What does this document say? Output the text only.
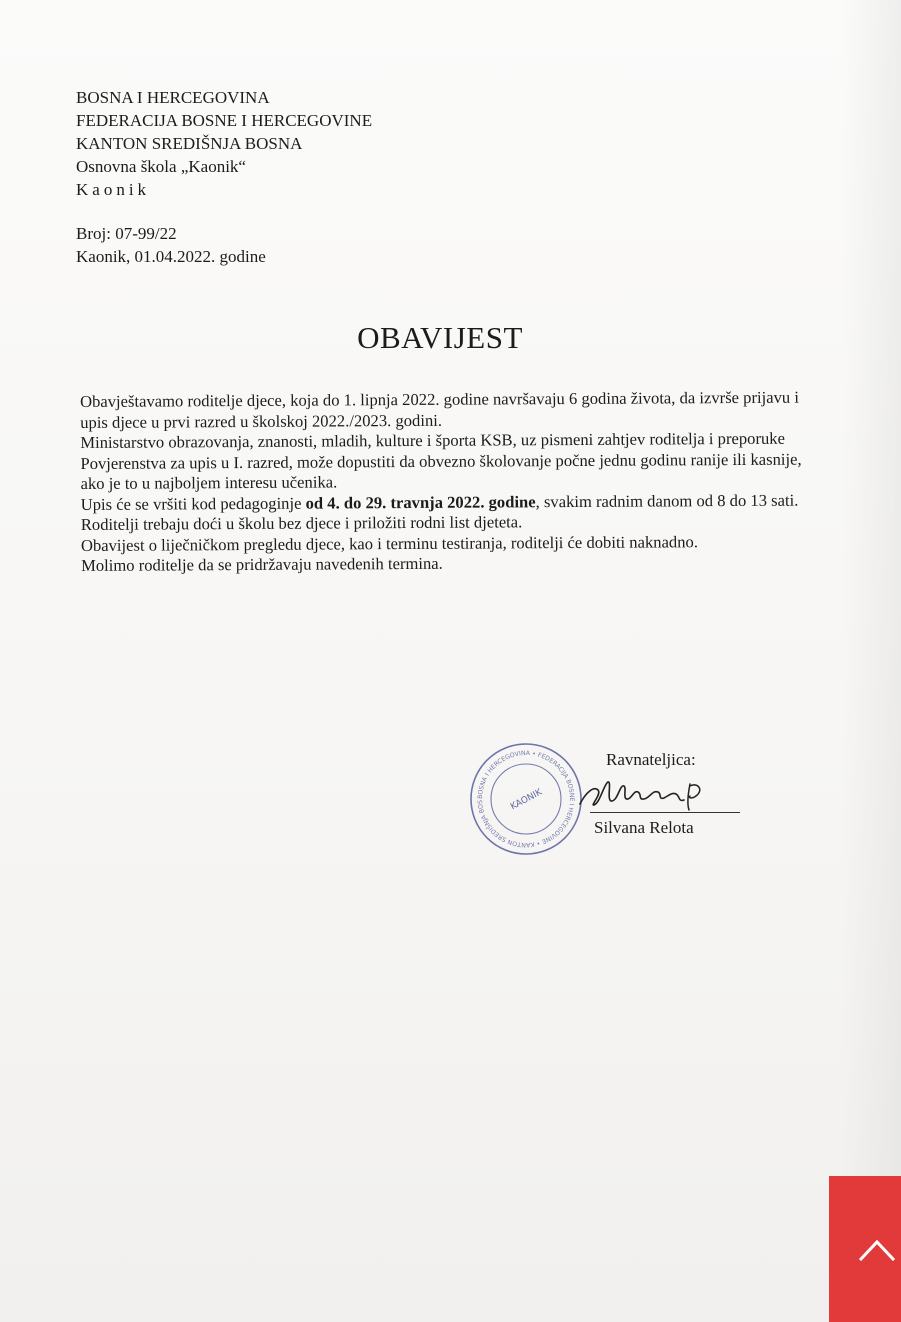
BOSNA I HERCEGOVINA
FEDERACIJA BOSNE I HERCEGOVINE
KANTON SREDIŠNJA BOSNA
Osnovna škola „Kaonik“
Kaonik
Broj: 07-99/22
Kaonik, 01.04.2022. godine
OBAVIJEST

Obavještavamo roditelje djece, koja do 1. lipnja 2022. godine navršavaju 6 godina života, da izvrše prijavu i upis djece u prvi razred u školskoj 2022./2023. godini.

Ministarstvo obrazovanja, znanosti, mladih, kulture i športa KSB, uz pismeni zahtjev roditelja i preporuke Povjerenstva za upis u I. razred, može dopustiti da obvezno školovanje počne jednu godinu ranije ili kasnije, ako je to u najboljem interesu učenika.

Upis će se vršiti kod pedagoginje od 4. do 29. travnja 2022. godine, svakim radnim danom od 8 do 13 sati.

Roditelji trebaju doći u školu bez djece i priložiti rodni list djeteta.

Obavijest o liječničkom pregledu djece, kao i terminu testiranja, roditelji će dobiti naknadno.

Molimo roditelje da se pridržavaju navedenih termina.

BOSNA I HERCEGOVINA • FEDERACIJA BOSNE I HERCEGOVINE • KANTON SREDIŠNJA BOS	KAONIK
Ravnateljica:
Silvana Relota
